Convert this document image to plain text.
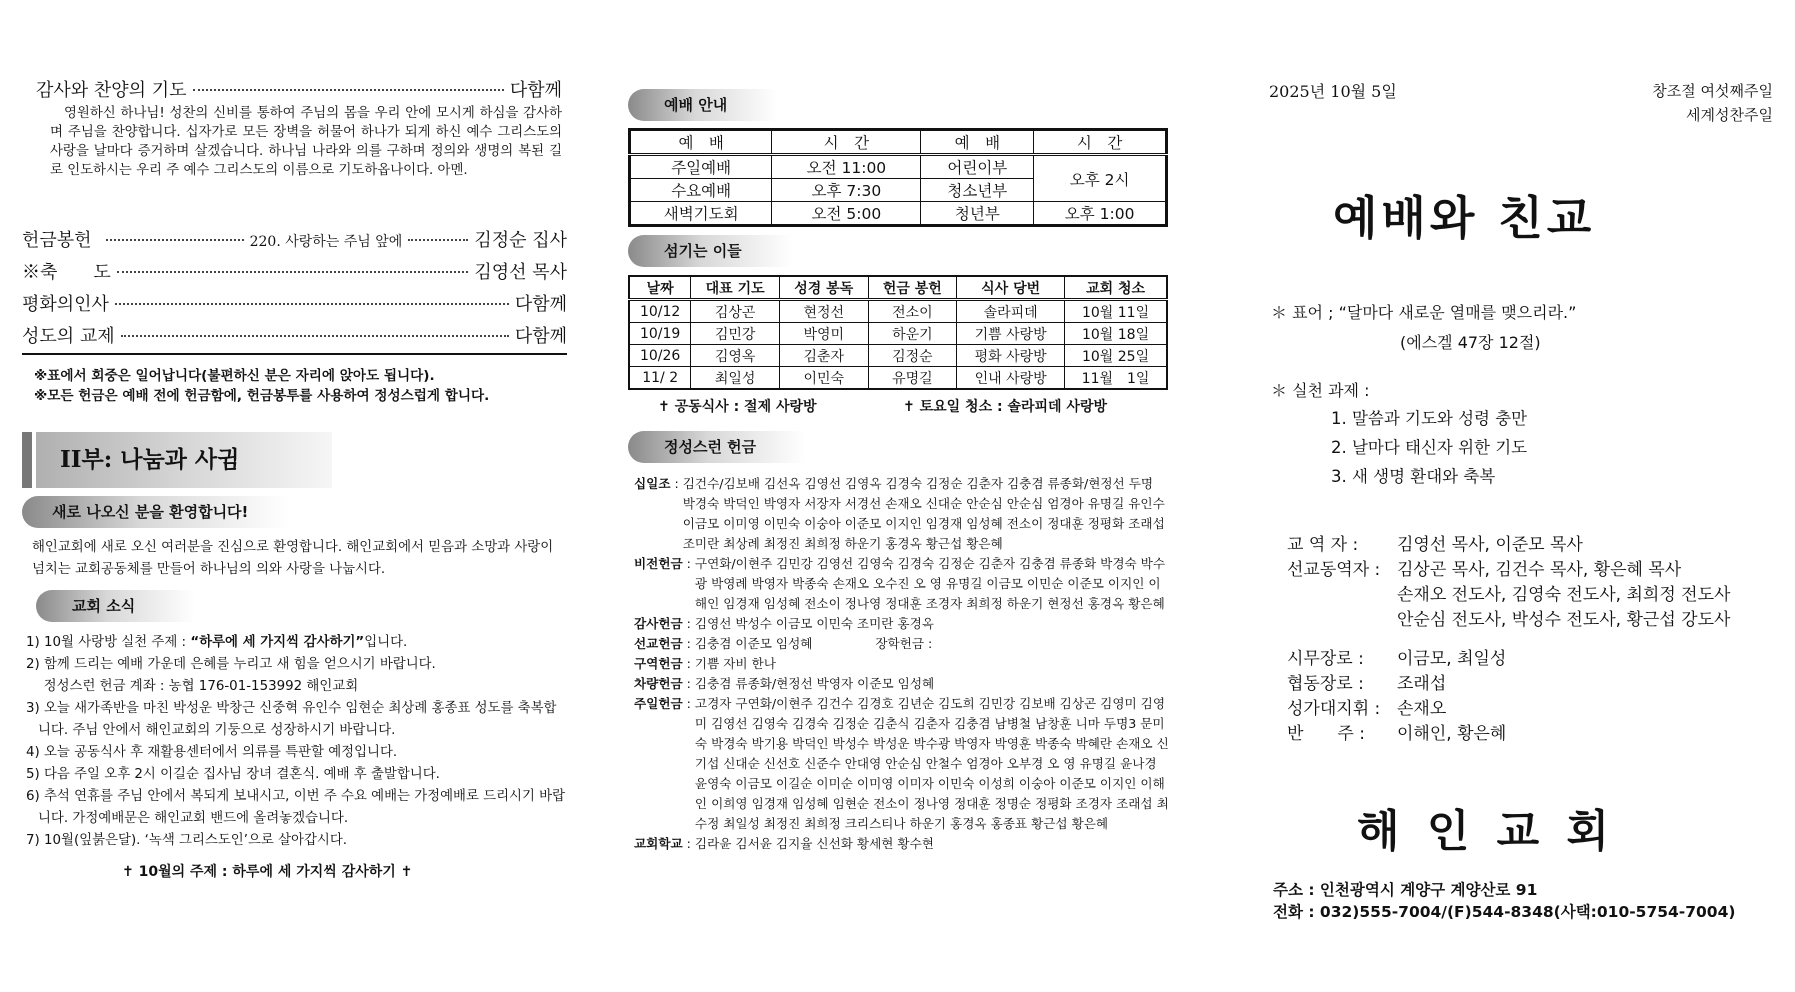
감사와 찬양의 기도	다함께
영원하신 하나님! 성찬의 신비를 통하여 주님의 몸을 우리 안에 모시게 하심을 감사하며 주님을 찬양합니다. 십자가로 모든 장벽을 허물어 하나가 되게 하신 예수 그리스도의 사랑을 날마다 증거하며 살겠습니다. 하나님 나라와 의를 구하며 정의와 생명의 복된 길로 인도하시는 우리 주 예수 그리스도의 이름으로 기도하옵나이다. 아멘.
헌금봉헌	220. 사랑하는 주님 앞에	김정순 집사
※축　　도	김영선 목사
평화의인사	다함께
성도의 교제	다함께
※표에서 회중은 일어납니다(불편하신 분은 자리에 앉아도 됩니다).
※모든 헌금은 예배 전에 헌금함에, 헌금봉투를 사용하여 정성스럽게 합니다.
II부: 나눔과 사귐
새로 나오신 분을 환영합니다!
해인교회에 새로 오신 여러분을 진심으로 환영합니다. 해인교회에서 믿음과 소망과 사랑이 넘치는 교회공동체를 만들어 하나님의 의와 사랑을 나눕시다.
교회 소식
1) 10월 사랑방 실천 주제 : “하루에 세 가지씩 감사하기”입니다.
2) 함께 드리는 예배 가운데 은혜를 누리고 새 힘을 얻으시기 바랍니다.
　 정성스런 헌금 계좌 : 농협 176-01-153992 해인교회
3) 오늘 새가족반을 마친 박성운 박창근 신중혁 유인수 임현순 최상례 홍종표 성도를 축복합니다. 주님 안에서 해인교회의 기둥으로 성장하시기 바랍니다.
4) 오늘 공동식사 후 재활용센터에서 의류를 특판할 예정입니다.
5) 다음 주일 오후 2시 이길순 집사님 장녀 결혼식. 예배 후 출발합니다.
6) 추석 연휴를 주님 안에서 복되게 보내시고, 이번 주 수요 예배는 가정예배로 드리시기 바랍니다. 가정예배문은 해인교회 밴드에 올려놓겠습니다.
7) 10월(잎붉은달). ‘녹색 그리스도인’으로 살아갑시다.
✝ 10월의 주제 : 하루에 세 가지씩 감사하기 ✝
예배 안내
예　배	시　간	예　배	시　간
주일예배	오전 11:00	어린이부	오후 2시
수요예배	오후 7:30	청소년부	
새벽기도회	오전 5:00	청년부	오후 1:00
섬기는 이들
날짜	대표 기도	성경 봉독	헌금 봉헌	식사 당번	교회 청소
10/12	김상곤	현정선	전소이	솔라피데	10월 11일
10/19	김민강	박영미	하운기	기쁨 사랑방	10월 18일
10/26	김영옥	김춘자	김정순	평화 사랑방	10월 25일
11/ 2	최일성	이민숙	유명길	인내 사랑방	11월　1일
✝ 공동식사 : 절제 사랑방	✝ 토요일 청소 : 솔라피데 사랑방
정성스런 헌금
십일조 : 김건수/김보배 김선옥 김영선 김영옥 김경숙 김정순 김춘자 김충겸 류종화/현정선 두명 박경숙 박덕인 박영자 서장자 서경선 손재오 신대순 안순심 안순심 엄경아 유명길 유인수 이금모 이미영 이민숙 이숭아 이준모 이지인 임경재 임성혜 전소이 정대훈 정평화 조래섭 조미란 최상례 최정진 최희정 하운기 홍경옥 황근섭 황은혜
비전헌금 : 구연화/이현주 김민강 김영선 김영숙 김경숙 김정순 김춘자 김충겸 류종화 박경숙 박수광 박영례 박영자 박종숙 손재오 오수진 오 영 유명길 이금모 이민순 이준모 이지인 이해인 임경재 임성혜 전소이 정나영 정대훈 조경자 최희정 하운기 현정선 홍경옥 황은혜
감사헌금 : 김영선 박성수 이금모 이민숙 조미란 홍경옥
선교헌금 : 김충겸 이준모 임성혜　　　　　장학헌금 :
구역헌금 : 기쁨 자비 한나
차량헌금 : 김충겸 류종화/현정선 박영자 이준모 임성혜
주일헌금 : 고경자 구연화/이현주 김건수 김경호 김년순 김도희 김민강 김보배 김상곤 김영미 김영미 김영선 김영숙 김경숙 김정순 김춘식 김춘자 김충겸 남병철 남창훈 니마 두명3 문미숙 박경숙 박기용 박덕인 박성수 박성운 박수광 박영자 박영훈 박종숙 박혜란 손재오 신기섭 신대순 신선호 신준수 안대영 안순심 안철수 엄경아 오부경 오 영 유명길 윤나경 윤영숙 이금모 이길순 이미순 이미영 이미자 이민숙 이성희 이숭아 이준모 이지인 이해인 이희영 임경재 임성혜 임현순 전소이 정나영 정대훈 정명순 정평화 조경자 조래섭 최수정 최일성 최정진 최희정 크리스티나 하운기 홍경옥 홍종표 황근섭 황은혜
교회학교 : 김라윤 김서윤 김지율 신선화 황세현 황수현
2025년 10월 5일	창조절 여섯째주일
세계성찬주일
예배와 친교
＊ 표어 ; “달마다 새로운 열매를 맺으리라.”
(에스겔 47장 12절)
＊ 실천 과제 :
1. 말씀과 기도와 성령 충만
2. 날마다 태신자 위한 기도
3. 새 생명 환대와 축복
교 역 자 :	김영선 목사, 이준모 목사
선교동역자 : 김상곤 목사, 김건수 목사, 황은혜 목사
손재오 전도사, 김영숙 전도사, 최희정 전도사
안순심 전도사, 박성수 전도사, 황근섭 강도사
시무장로 :	이금모, 최일성
협동장로 :	조래섭
성가대지휘 : 손재오
반　　주 :	이해인, 황은혜
해 인 교 회
주소 : 인천광역시 계양구 계양산로 91
전화 : 032)555-7004/(F)544-8348(사택:010-5754-7004)
